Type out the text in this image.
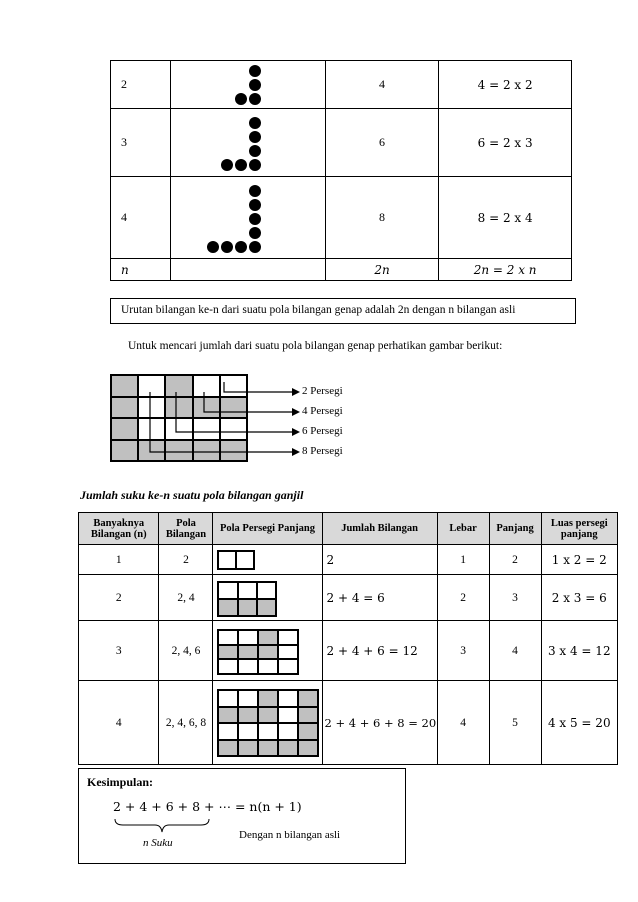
2		4	4 = 2 x 2
3		6	6 = 2 x 3
4		8	8 = 2 x 4
n		2n	2n = 2 x n
Urutan bilangan ke-n dari suatu pola bilangan genap adalah 2n dengan n bilangan asli
Untuk mencari jumlah dari suatu pola bilangan genap perhatikan gambar berikut:
2 Persegi
4 Persegi
6 Persegi
8 Persegi
Jumlah suku ke-n suatu pola bilangan ganjil
Banyaknya Bilangan (n)	Pola Bilangan	Pola Persegi Panjang	Jumlah Bilangan	Lebar	Panjang	Luas persegi panjang
1	2		2	1	2	1 x 2 = 2
2	2, 4		2 + 4 = 6	2	3	2 x 3 = 6
3	2, 4, 6		2 + 4 + 6 = 12	3	4	3 x 4 = 12
4	2, 4, 6, 8		2 + 4 + 6 + 8 = 20	4	5	4 x 5 = 20
Kesimpulan:
2 + 4 + 6 + 8 + ⋯ = n(n + 1)
n Suku
Dengan n bilangan asli
